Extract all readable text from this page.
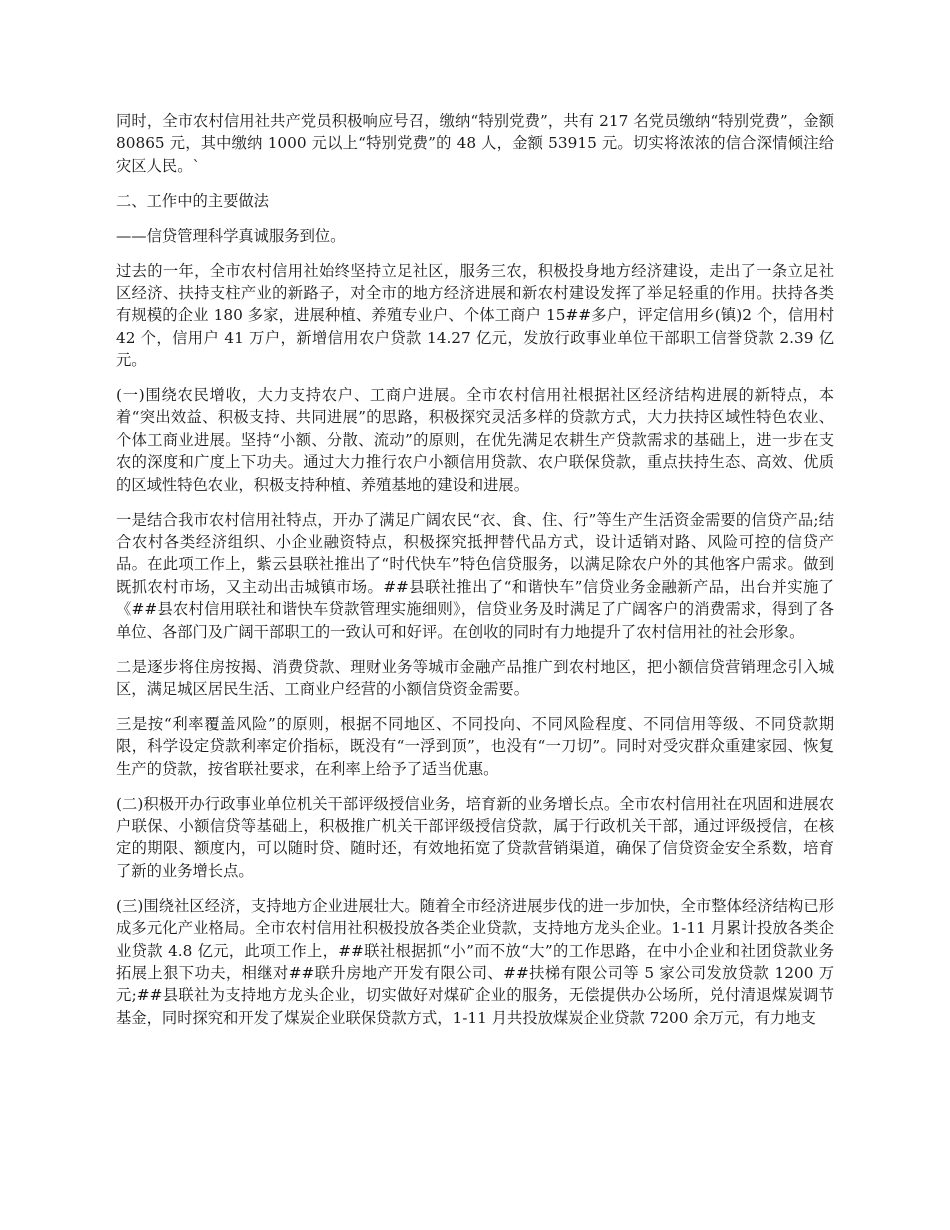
同时，全市农村信用社共产党员积极响应号召，缴纳“特别党费”，共有 217 名党员缴纳“特别党费”，金额 80865 元，其中缴纳 1000 元以上“特别党费”的 48 人，金额 53915 元。切实将浓浓的信合深情倾注给灾区人民。`

二、工作中的主要做法

——信贷管理科学真诚服务到位。

过去的一年，全市农村信用社始终坚持立足社区，服务三农，积极投身地方经济建设，走出了一条立足社区经济、扶持支柱产业的新路子，对全市的地方经济进展和新农村建设发挥了举足轻重的作用。扶持各类有规模的企业 180 多家，进展种植、养殖专业户、个体工商户 15##多户，评定信用乡(镇)2 个，信用村 42 个，信用户 41 万户，新增信用农户贷款 14.27 亿元，发放行政事业单位干部职工信誉贷款 2.39 亿元。

(一)围绕农民增收，大力支持农户、工商户进展。全市农村信用社根据社区经济结构进展的新特点，本着“突出效益、积极支持、共同进展”的思路，积极探究灵活多样的贷款方式，大力扶持区域性特色农业、个体工商业进展。坚持“小额、分散、流动”的原则，在优先满足农耕生产贷款需求的基础上，进一步在支农的深度和广度上下功夫。通过大力推行农户小额信用贷款、农户联保贷款，重点扶持生态、高效、优质的区域性特色农业，积极支持种植、养殖基地的建设和进展。

一是结合我市农村信用社特点，开办了满足广阔农民“衣、食、住、行”等生产生活资金需要的信贷产品;结合农村各类经济组织、小企业融资特点，积极探究抵押替代品方式，设计适销对路、风险可控的信贷产品。在此项工作上，紫云县联社推出了“时代快车”特色信贷服务，以满足除农户外的其他客户需求。做到既抓农村市场，又主动出击城镇市场。##县联社推出了“和谐快车”信贷业务金融新产品，出台并实施了《##县农村信用联社和谐快车贷款管理实施细则》，信贷业务及时满足了广阔客户的消费需求，得到了各单位、各部门及广阔干部职工的一致认可和好评。在创收的同时有力地提升了农村信用社的社会形象。

二是逐步将住房按揭、消费贷款、理财业务等城市金融产品推广到农村地区，把小额信贷营销理念引入城区，满足城区居民生活、工商业户经营的小额信贷资金需要。

三是按“利率覆盖风险”的原则，根据不同地区、不同投向、不同风险程度、不同信用等级、不同贷款期限，科学设定贷款利率定价指标，既没有“一浮到顶”，也没有“一刀切”。同时对受灾群众重建家园、恢复生产的贷款，按省联社要求，在利率上给予了适当优惠。

(二)积极开办行政事业单位机关干部评级授信业务，培育新的业务增长点。全市农村信用社在巩固和进展农户联保、小额信贷等基础上，积极推广机关干部评级授信贷款，属于行政机关干部，通过评级授信，在核定的期限、额度内，可以随时贷、随时还，有效地拓宽了贷款营销渠道，确保了信贷资金安全系数，培育了新的业务增长点。

(三)围绕社区经济，支持地方企业进展壮大。随着全市经济进展步伐的进一步加快，全市整体经济结构已形成多元化产业格局。全市农村信用社积极投放各类企业贷款，支持地方龙头企业。1-11 月累计投放各类企业贷款 4.8 亿元，此项工作上，##联社根据抓“小”而不放“大”的工作思路，在中小企业和社团贷款业务拓展上狠下功夫，相继对##联升房地产开发有限公司、##扶梯有限公司等 5 家公司发放贷款 1200 万元;##县联社为支持地方龙头企业，切实做好对煤矿企业的服务，无偿提供办公场所，兑付清退煤炭调节基金，同时探究和开发了煤炭企业联保贷款方式，1-11 月共投放煤炭企业贷款 7200 余万元，有力地支
